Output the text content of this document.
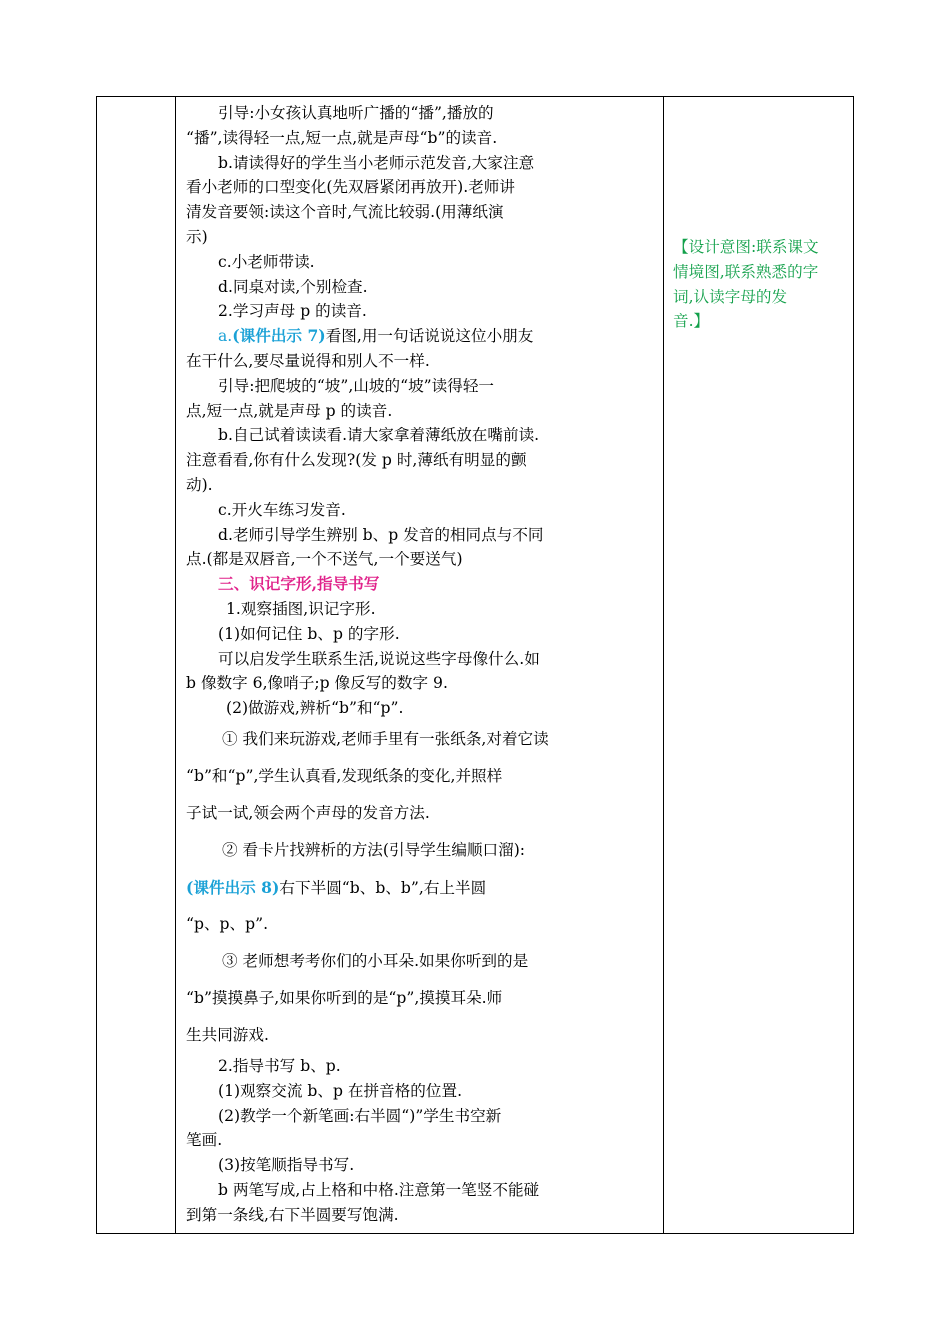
引导:小女孩认真地听广播的“播”,播放的
“播”,读得轻一点,短一点,就是声母“b”的读音.
b.请读得好的学生当小老师示范发音,大家注意
看小老师的口型变化(先双唇紧闭再放开).老师讲
清发音要领:读这个音时,气流比较弱.(用薄纸演
示)
c.小老师带读.
d.同桌对读,个别检查.
2.学习声母 p 的读音.
a.(课件出示 7)看图,用一句话说说这位小朋友
在干什么,要尽量说得和别人不一样.
引导:把爬坡的“坡”,山坡的“坡”读得轻一
点,短一点,就是声母 p 的读音.
b.自己试着读读看.请大家拿着薄纸放在嘴前读.
注意看看,你有什么发现?(发 p 时,薄纸有明显的颤
动).
c.开火车练习发音.
d.老师引导学生辨别 b、p 发音的相同点与不同
点.(都是双唇音,一个不送气,一个要送气)
三、识记字形,指导书写
1.观察插图,识记字形.
(1)如何记住 b、p 的字形.
可以启发学生联系生活,说说这些字母像什么.如
b 像数字 6,像哨子;p 像反写的数字 9.
(2)做游戏,辨析“b”和“p”.
① 我们来玩游戏,老师手里有一张纸条,对着它读
“b”和“p”,学生认真看,发现纸条的变化,并照样
子试一试,领会两个声母的发音方法.
② 看卡片找辨析的方法(引导学生编顺口溜):
(课件出示 8)右下半圆“b、b、b”,右上半圆
“p、p、p”.
③ 老师想考考你们的小耳朵.如果你听到的是
“b”摸摸鼻子,如果你听到的是“p”,摸摸耳朵.师
生共同游戏.
2.指导书写 b、p.
(1)观察交流 b、p 在拼音格的位置.
(2)教学一个新笔画:右半圆“)”学生书空新
笔画.
(3)按笔顺指导书写.
b 两笔写成,占上格和中格.注意第一笔竖不能碰
到第一条线,右下半圆要写饱满.
【设计意图:联系课文
情境图,联系熟悉的字
词,认读字母的发
音.】
